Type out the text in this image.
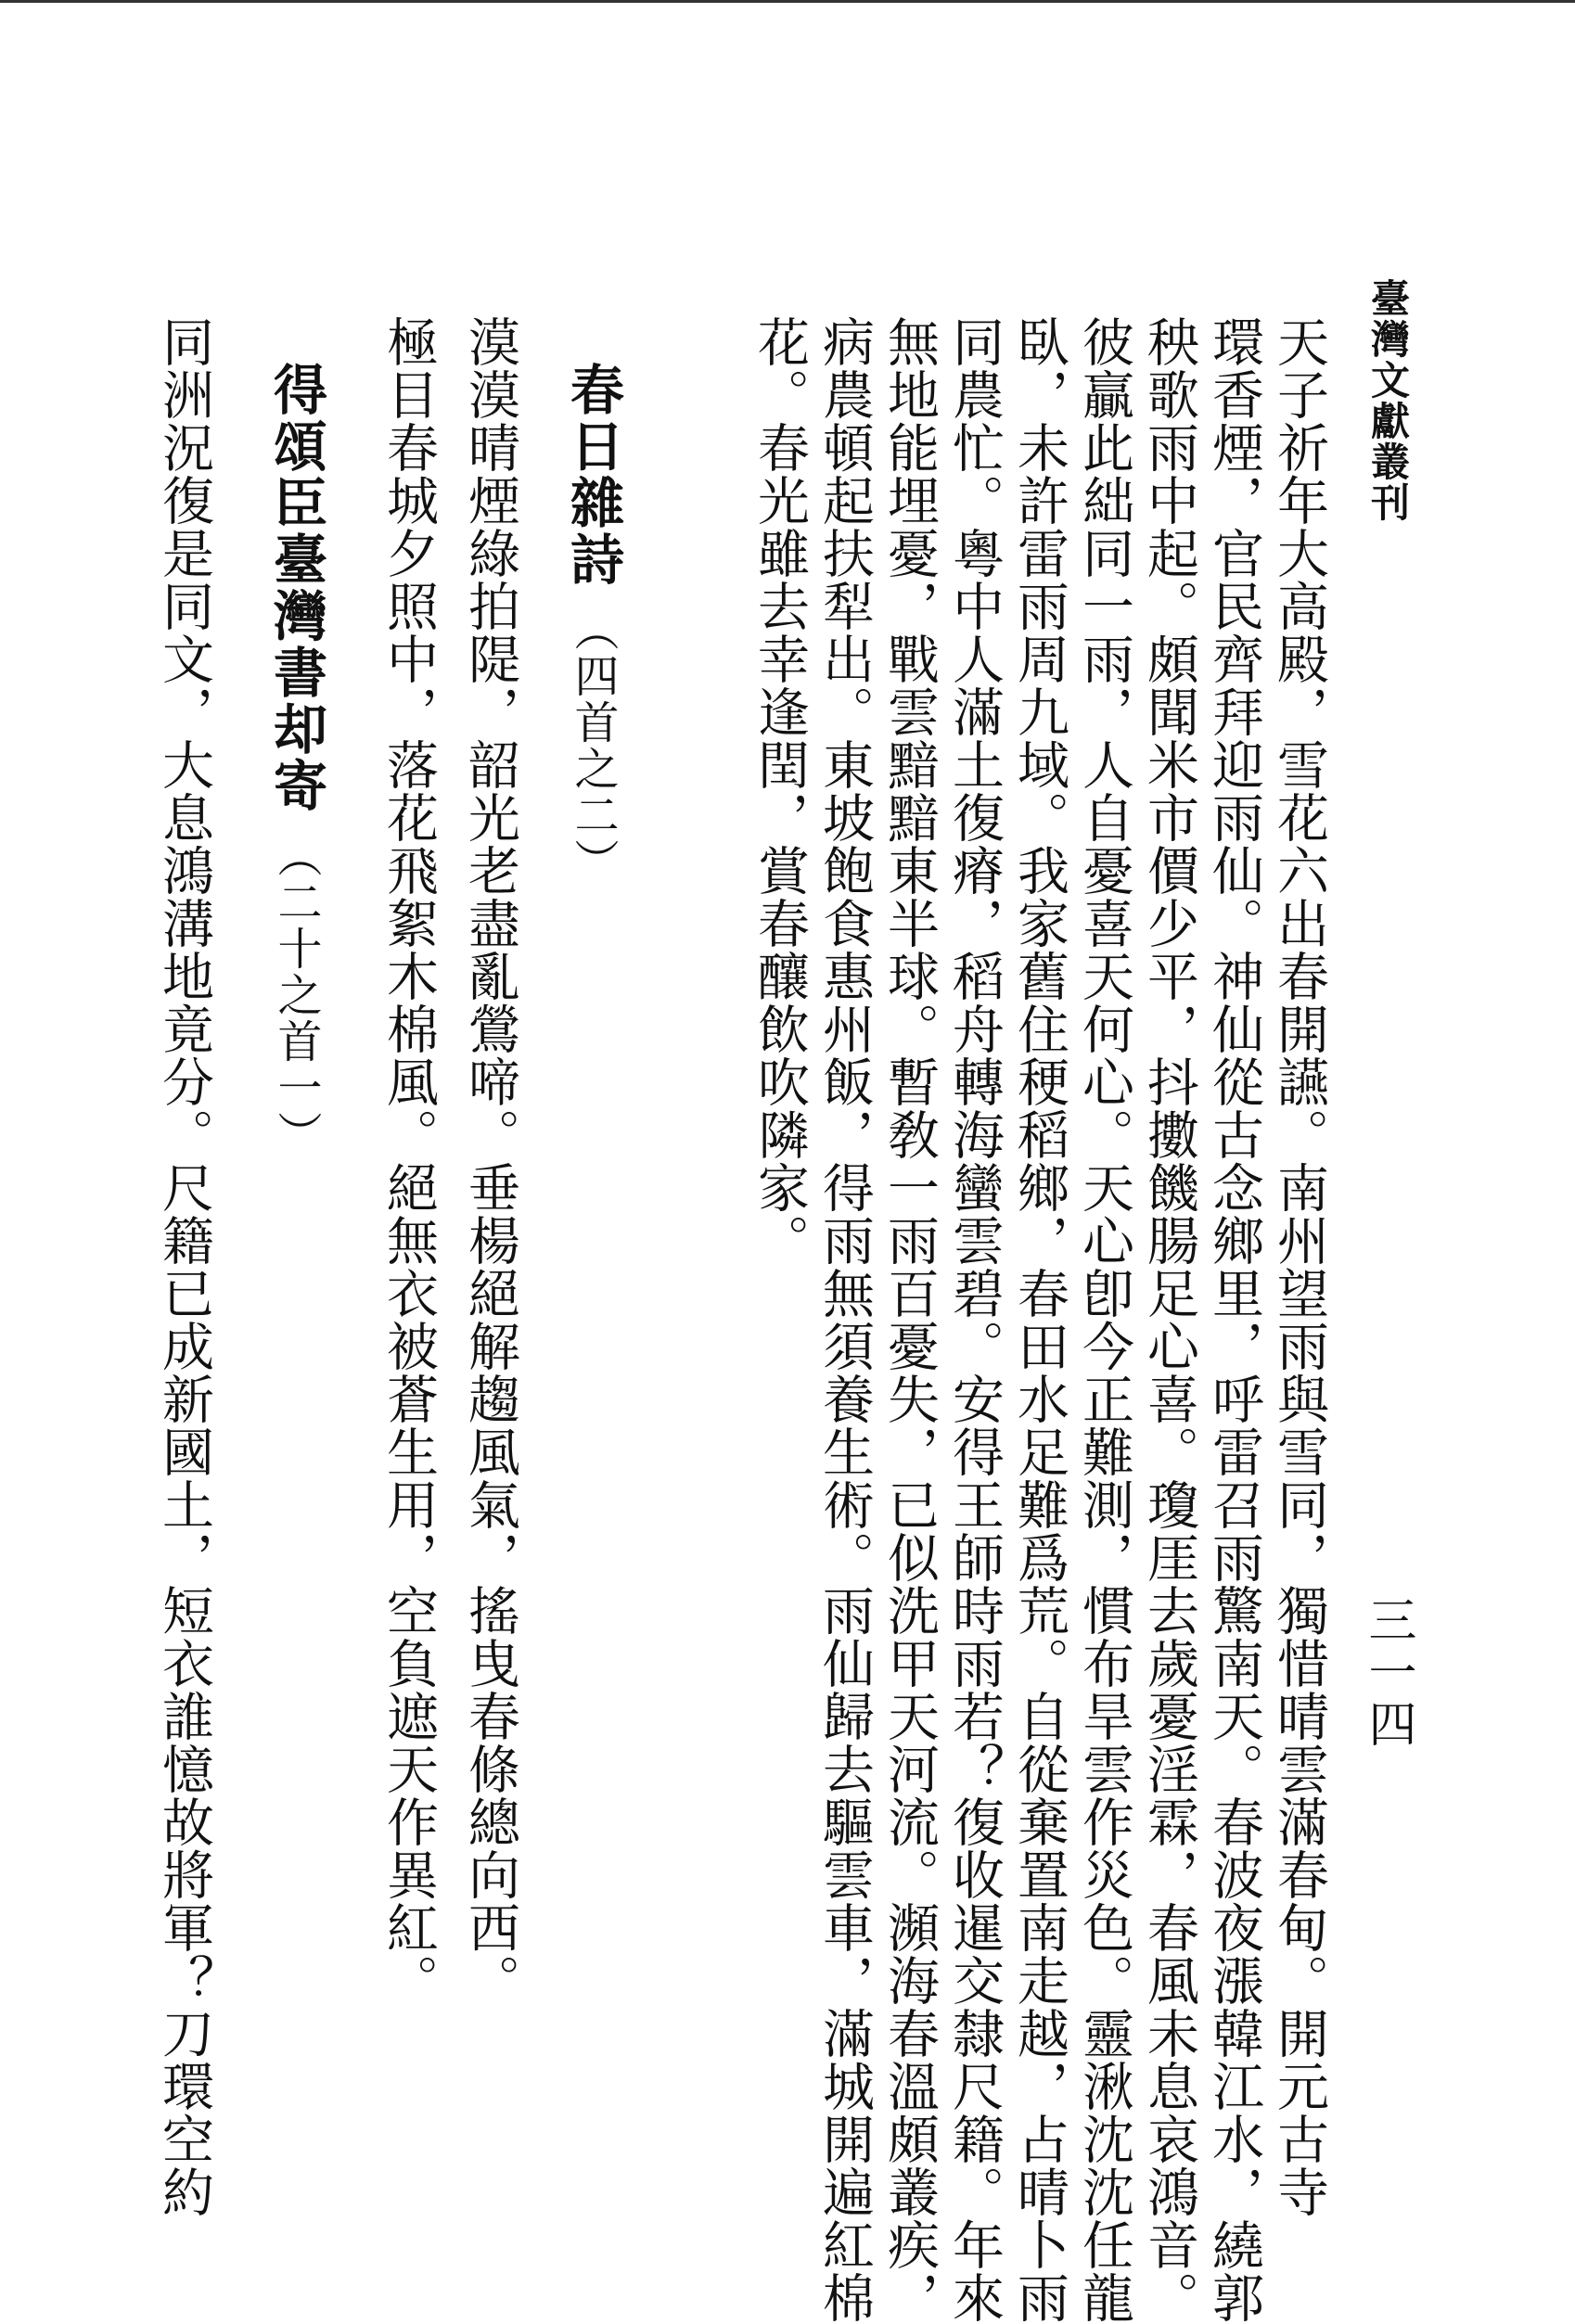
臺灣文獻叢刊
三一四
天子祈年大高殿，雪花六出春開讌。南州望雨與雪同，獨惜晴雲滿春甸。開元古寺
環香煙，官民齊拜迎雨仙。神仙從古念鄉里，呼雷召雨驚南天。春波夜漲韓江水，繞郭
秧歌雨中起。頗聞米市價少平，抖擻饑腸足心喜。瓊厓去歲憂淫霖，春風未息哀鴻音。
彼贏此絀同一雨，人自憂喜天何心。天心卽今正難測，慣布旱雲作災色。靈湫沈沈任龍
臥，未許雷雨周九域。我家舊住稉稻鄉，春田水足難爲荒。自從棄置南走越，占晴卜雨
同農忙。粵中人滿土復瘠，稻舟轉海蠻雲碧。安得王師時雨若？復收暹交隸尺籍。年來
無地能埋憂，戰雲黯黯東半球。暫敎一雨百憂失，已似洗甲天河流。瀕海春溫頗叢疾，
病農頓起扶犁出。東坡飽食惠州飯，得雨無須養生術。雨仙歸去驅雲車，滿城開遍紅棉
花。春光雖去幸逢閏，賞春釀飲吹隣家。
春日雜詩（四首之二）
漠漠晴煙綠拍隄，韶光老盡亂鶯啼。垂楊絕解趨風氣，搖曳春條總向西。
極目春城夕照中，落花飛絮木棉風。絕無衣被蒼生用，空負遮天作異紅。
得頌臣臺灣書却寄（二十之首一）
同洲況復是同文，大息鴻溝地竟分。尺籍已成新國土，短衣誰憶故將軍？刀環空約
